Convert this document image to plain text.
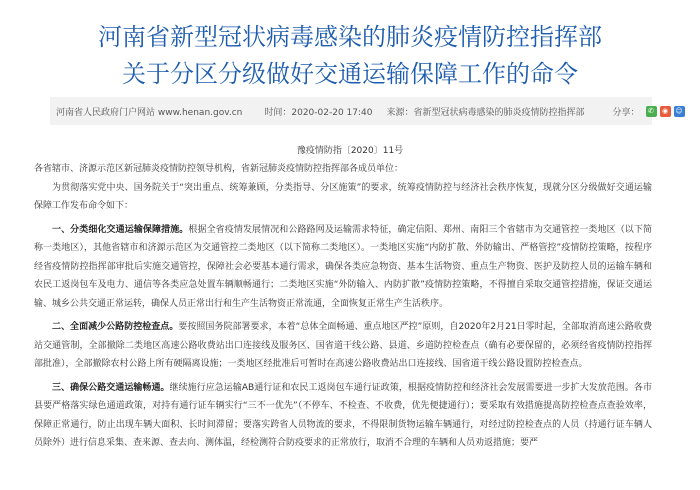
河南省新型冠状病毒感染的肺炎疫情防控指挥部
关于分区分级做好交通运输保障工作的命令
河南省人民政府门户网站 www.henan.gov.cn 时间：2020-02-20 17:40 来源：省新型冠状病毒感染的肺炎疫情防控指挥部	分享：	✆	◉	☺
豫疫情防指〔2020〕11号

各省辖市、济源示范区新冠肺炎疫情防控领导机构，省新冠肺炎疫情防控指挥部各成员单位：

为贯彻落实党中央、国务院关于“突出重点、统筹兼顾，分类指导、分区施策”的要求，统筹疫情防控与经济社会秩序恢复，现就分区分级做好交通运输保障工作发布命令如下：

一、分类细化交通运输保障措施。根据全省疫情发展情况和公路路网及运输需求特征，确定信阳、郑州、南阳三个省辖市为交通管控一类地区（以下简称一类地区），其他省辖市和济源示范区为交通管控二类地区（以下简称二类地区）。一类地区实施“内防扩散、外防输出、严格管控”疫情防控策略，按程序经省疫情防控指挥部审批后实施交通管控，保障社会必要基本通行需求，确保各类应急物资、基本生活物资、重点生产物资、医护及防控人员的运输车辆和农民工返岗包车及电力、通信等各类应急处置车辆顺畅通行；二类地区实施“外防输入、内防扩散”疫情防控策略，不得擅自采取交通管控措施，保证交通运输、城乡公共交通正常运转，确保人员正常出行和生产生活物资正常流通，全面恢复正常生产生活秩序。

二、全面减少公路防控检查点。要按照国务院部署要求，本着“总体全面畅通、重点地区严控”原则，自2020年2月21日零时起，全部取消高速公路收费站交通管制，全部撤除二类地区高速公路收费站出口连接线及服务区、国省道干线公路、县道、乡道防控检查点（确有必要保留的，必须经省疫情防控指挥部批准），全部撤除农村公路上所有硬隔离设施；一类地区经批准后可暂时在高速公路收费站出口连接线、国省道干线公路设置防控检查点。

三、确保公路交通运输畅通。继续施行应急运输AB通行证和农民工返岗包车通行证政策，根据疫情防控和经济社会发展需要进一步扩大发放范围。各市县要严格落实绿色通道政策，对持有通行证车辆实行“三不一优先”（不停车、不检查、不收费，优先便捷通行）；要采取有效措施提高防控检查点查验效率，保障正常通行，防止出现车辆大面积、长时间滞留；要落实跨省人员物流的要求，不得限制货物运输车辆通行，对经过防控检查点的人员（持通行证车辆人员除外）进行信息采集、查来源、查去向、测体温，经检测符合防疫要求的正常放行，取消不合理的车辆和人员劝返措施；要严
